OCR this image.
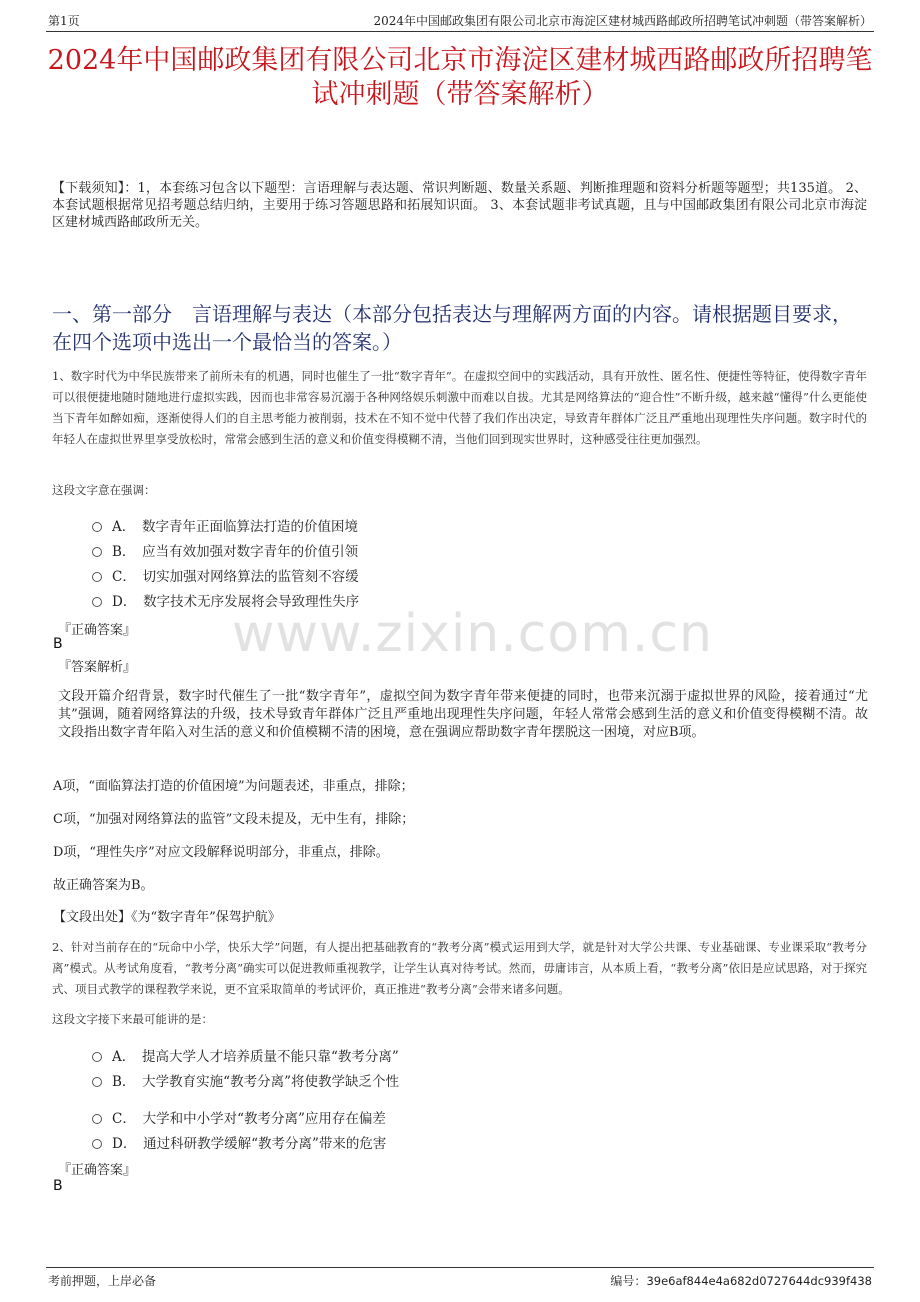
第1页	2024年中国邮政集团有限公司北京市海淀区建材城西路邮政所招聘笔试冲刺题（带答案解析）
2024年中国邮政集团有限公司北京市海淀区建材城西路邮政所招聘笔试冲刺题（带答案解析）
【下载须知】：1，本套练习包含以下题型：言语理解与表达题、常识判断题、数量关系题、判断推理题和资料分析题等题型；共135道。 2、本套试题根据常见招考题总结归纳，主要用于练习答题思路和拓展知识面。 3、本套试题非考试真题，且与中国邮政集团有限公司北京市海淀区建材城西路邮政所无关。
一、第一部分　言语理解与表达（本部分包括表达与理解两方面的内容。请根据题目要求，在四个选项中选出一个最恰当的答案。）
www.zixin.com.cn
1、数字时代为中华民族带来了前所未有的机遇，同时也催生了一批“数字青年”。在虚拟空间中的实践活动，具有开放性、匿名性、便捷性等特征，使得数字青年可以很便捷地随时随地进行虚拟实践，因而也非常容易沉溺于各种网络娱乐刺激中而难以自拔。尤其是网络算法的“迎合性”不断升级，越来越“懂得”什么更能使当下青年如醉如痴，逐渐使得人们的自主思考能力被削弱，技术在不知不觉中代替了我们作出决定，导致青年群体广泛且严重地出现理性失序问题。数字时代的年轻人在虚拟世界里享受放松时，常常会感到生活的意义和价值变得模糊不清，当他们回到现实世界时，这种感受往往更加强烈。
这段文字意在强调：
A．　数字青年正面临算法打造的价值困境
B．　应当有效加强对数字青年的价值引领
C．　切实加强对网络算法的监管刻不容缓
D．　数字技术无序发展将会导致理性失序
『正确答案』
B
『答案解析』
文段开篇介绍背景，数字时代催生了一批“数字青年”，虚拟空间为数字青年带来便捷的同时，也带来沉溺于虚拟世界的风险，接着通过“尤其”强调，随着网络算法的升级，技术导致青年群体广泛且严重地出现理性失序问题，年轻人常常会感到生活的意义和价值变得模糊不清。故文段指出数字青年陷入对生活的意义和价值模糊不清的困境，意在强调应帮助数字青年摆脱这一困境，对应B项。
A项，“面临算法打造的价值困境”为问题表述，非重点，排除；
C项，“加强对网络算法的监管”文段未提及，无中生有，排除；
D项，“理性失序”对应文段解释说明部分，非重点，排除。
故正确答案为B。
【文段出处】《为“数字青年”保驾护航》
2、针对当前存在的“玩命中小学，快乐大学”问题，有人提出把基础教育的“教考分离”模式运用到大学，就是针对大学公共课、专业基础课、专业课采取“教考分离”模式。从考试角度看，“教考分离”确实可以促进教师重视教学，让学生认真对待考试。然而，毋庸讳言，从本质上看，“教考分离”依旧是应试思路，对于探究式、项目式教学的课程教学来说，更不宜采取简单的考试评价，真正推进“教考分离”会带来诸多问题。
这段文字接下来最可能讲的是：
A．　提高大学人才培养质量不能只靠“教考分离”
B．　大学教育实施“教考分离”将使教学缺乏个性
C．　大学和中小学对“教考分离”应用存在偏差
D．　通过科研教学缓解“教考分离”带来的危害
『正确答案』
B
考前押题，上岸必备	编号：39e6af844e4a682d0727644dc939f438
